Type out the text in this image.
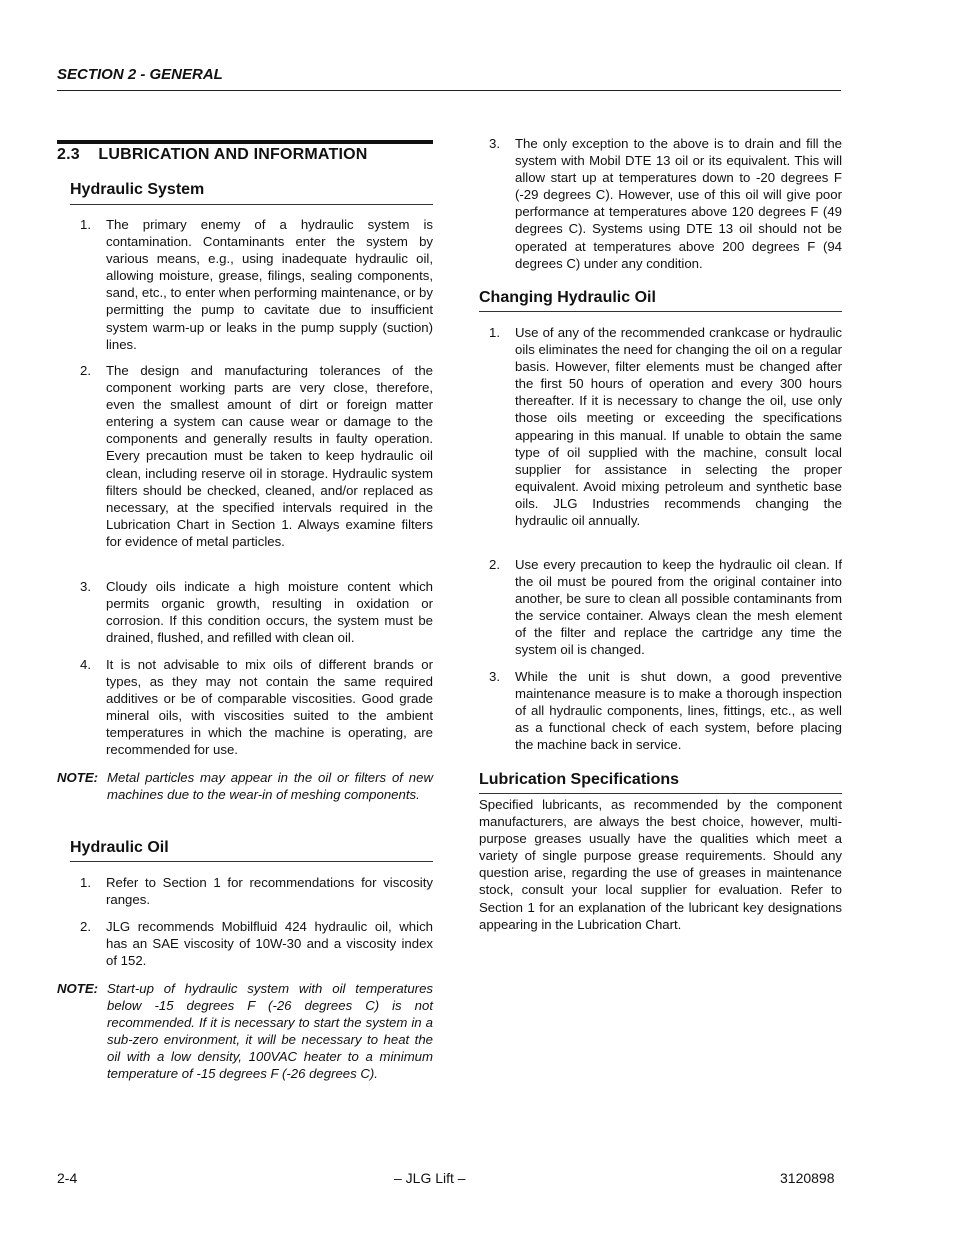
SECTION 2 - GENERAL
2.3    LUBRICATION AND INFORMATION
Hydraulic System
1. The primary enemy of a hydraulic system is contamination. Contaminants enter the system by various means, e.g., using inadequate hydraulic oil, allowing moisture, grease, filings, sealing components, sand, etc., to enter when performing maintenance, or by permitting the pump to cavitate due to insufficient system warm-up or leaks in the pump supply (suction) lines.
2. The design and manufacturing tolerances of the component working parts are very close, therefore, even the smallest amount of dirt or foreign matter entering a system can cause wear or damage to the components and generally results in faulty operation. Every precaution must be taken to keep hydraulic oil clean, including reserve oil in storage. Hydraulic system filters should be checked, cleaned, and/or replaced as necessary, at the specified intervals required in the Lubrication Chart in Section 1. Always examine filters for evidence of metal particles.
3. Cloudy oils indicate a high moisture content which permits organic growth, resulting in oxidation or corrosion. If this condition occurs, the system must be drained, flushed, and refilled with clean oil.
4. It is not advisable to mix oils of different brands or types, as they may not contain the same required additives or be of comparable viscosities. Good grade mineral oils, with viscosities suited to the ambient temperatures in which the machine is operating, are recommended for use.
NOTE: Metal particles may appear in the oil or filters of new machines due to the wear-in of meshing components.
Hydraulic Oil
1. Refer to Section 1 for recommendations for viscosity ranges.
2. JLG recommends Mobilfluid 424 hydraulic oil, which has an SAE viscosity of 10W-30 and a viscosity index of 152.
NOTE: Start-up of hydraulic system with oil temperatures below -15 degrees F (-26 degrees C) is not recommended. If it is necessary to start the system in a sub-zero environment, it will be necessary to heat the oil with a low density, 100VAC heater to a minimum temperature of -15 degrees F (-26 degrees C).
3. The only exception to the above is to drain and fill the system with Mobil DTE 13 oil or its equivalent. This will allow start up at temperatures down to -20 degrees F (-29 degrees C). However, use of this oil will give poor performance at temperatures above 120 degrees F (49 degrees C). Systems using DTE 13 oil should not be operated at temperatures above 200 degrees F (94 degrees C) under any condition.
Changing Hydraulic Oil
1. Use of any of the recommended crankcase or hydraulic oils eliminates the need for changing the oil on a regular basis. However, filter elements must be changed after the first 50 hours of operation and every 300 hours thereafter. If it is necessary to change the oil, use only those oils meeting or exceeding the specifications appearing in this manual. If unable to obtain the same type of oil supplied with the machine, consult local supplier for assistance in selecting the proper equivalent. Avoid mixing petroleum and synthetic base oils. JLG Industries recommends changing the hydraulic oil annually.
2. Use every precaution to keep the hydraulic oil clean. If the oil must be poured from the original container into another, be sure to clean all possible contaminants from the service container. Always clean the mesh element of the filter and replace the cartridge any time the system oil is changed.
3. While the unit is shut down, a good preventive maintenance measure is to make a thorough inspection of all hydraulic components, lines, fittings, etc., as well as a functional check of each system, before placing the machine back in service.
Lubrication Specifications
Specified lubricants, as recommended by the component manufacturers, are always the best choice, however, multi-purpose greases usually have the qualities which meet a variety of single purpose grease requirements. Should any question arise, regarding the use of greases in maintenance stock, consult your local supplier for evaluation. Refer to Section 1 for an explanation of the lubricant key designations appearing in the Lubrication Chart.
2-4	– JLG Lift –	3120898
